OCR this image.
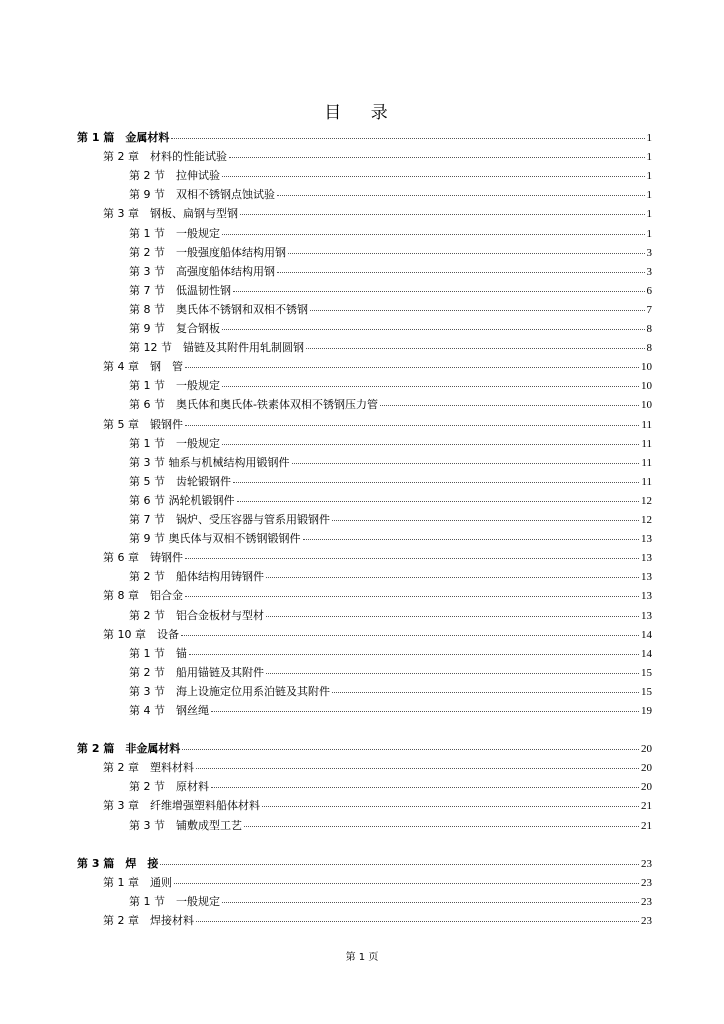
目 录
第 1 篇　金属材料	1
第 2 章　材料的性能试验	1
第 2 节　拉伸试验	1
第 9 节　双相不锈钢点蚀试验	1
第 3 章　钢板、扁钢与型钢	1
第 1 节　一般规定	1
第 2 节　一般强度船体结构用钢	3
第 3 节　高强度船体结构用钢	3
第 7 节　低温韧性钢	6
第 8 节　奥氏体不锈钢和双相不锈钢	7
第 9 节　复合钢板	8
第 12 节　锚链及其附件用轧制圆钢	8
第 4 章　钢　管	10
第 1 节　一般规定	10
第 6 节　奥氏体和奥氏体-铁素体双相不锈钢压力管	10
第 5 章　锻钢件	11
第 1 节　一般规定	11
第 3 节 轴系与机械结构用锻钢件	11
第 5 节　齿轮锻钢件	11
第 6 节 涡轮机锻钢件	12
第 7 节　锅炉、受压容器与管系用锻钢件	12
第 9 节 奥氏体与双相不锈钢锻钢件	13
第 6 章　铸钢件	13
第 2 节　船体结构用铸钢件	13
第 8 章　铝合金	13
第 2 节　铝合金板材与型材	13
第 10 章　设备	14
第 1 节　锚	14
第 2 节　船用锚链及其附件	15
第 3 节　海上设施定位用系泊链及其附件	15
第 4 节　钢丝绳	19
第 2 篇　非金属材料	20
第 2 章　塑料材料	20
第 2 节　原材料	20
第 3 章　纤维增强塑料船体材料	21
第 3 节　铺敷成型工艺	21
第 3 篇　焊　接	23
第 1 章　通则	23
第 1 节　一般规定	23
第 2 章　焊接材料	23
第 1 页
